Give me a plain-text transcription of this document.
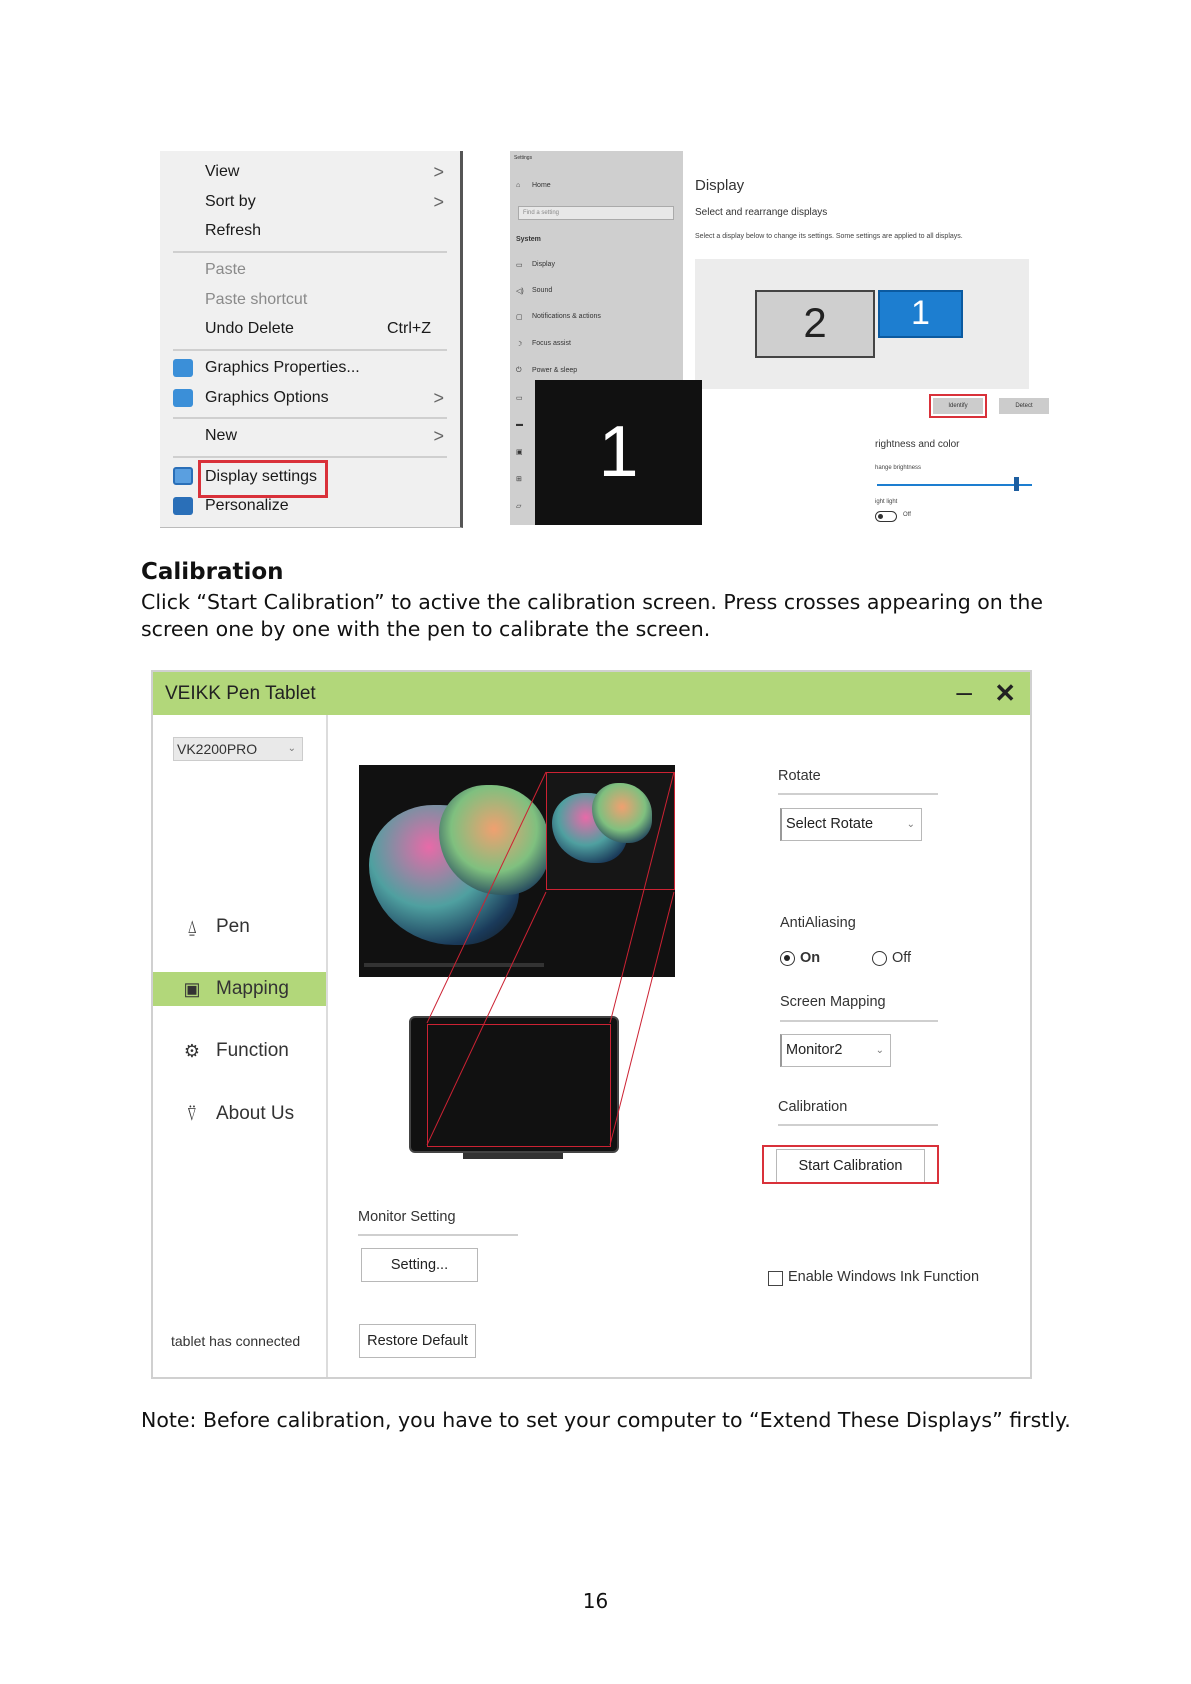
View	>
Sort by	>
Refresh
Paste
Paste shortcut
Undo Delete	Ctrl+Z
Graphics Properties...
Graphics Options	>
New	>
Display settings
Personalize
Settings
⌂ Home
Find a setting
System
▭ Display
◁) Sound
▢ Notifications & actions
☽ Focus assist
⏻ Power & sleep
▭
▬
▣
⊞
▱
Display
Select and rearrange displays
Select a display below to change its settings. Some settings are applied to all displays.
2	1
Identify	Detect
rightness and color
hange brightness
ight light
Off
1
Calibration
Click “Start Calibration” to active the calibration screen. Press crosses appearing on the screen one by one with the pen to calibrate the screen.
VEIKK Pen Tablet	– ✕
VK2200PRO	⌄
⍙ Pen
▣ Mapping
⚙ Function
⍢ About Us
tablet has connected
Rotate
Select Rotate	⌄
AntiAliasing
On	Off
Screen Mapping
Monitor2	⌄
Calibration
Start Calibration
Enable Windows Ink Function
Monitor Setting
Setting...
Restore Default
Note: Before calibration, you have to set your computer to “Extend These Displays” firstly.
16
